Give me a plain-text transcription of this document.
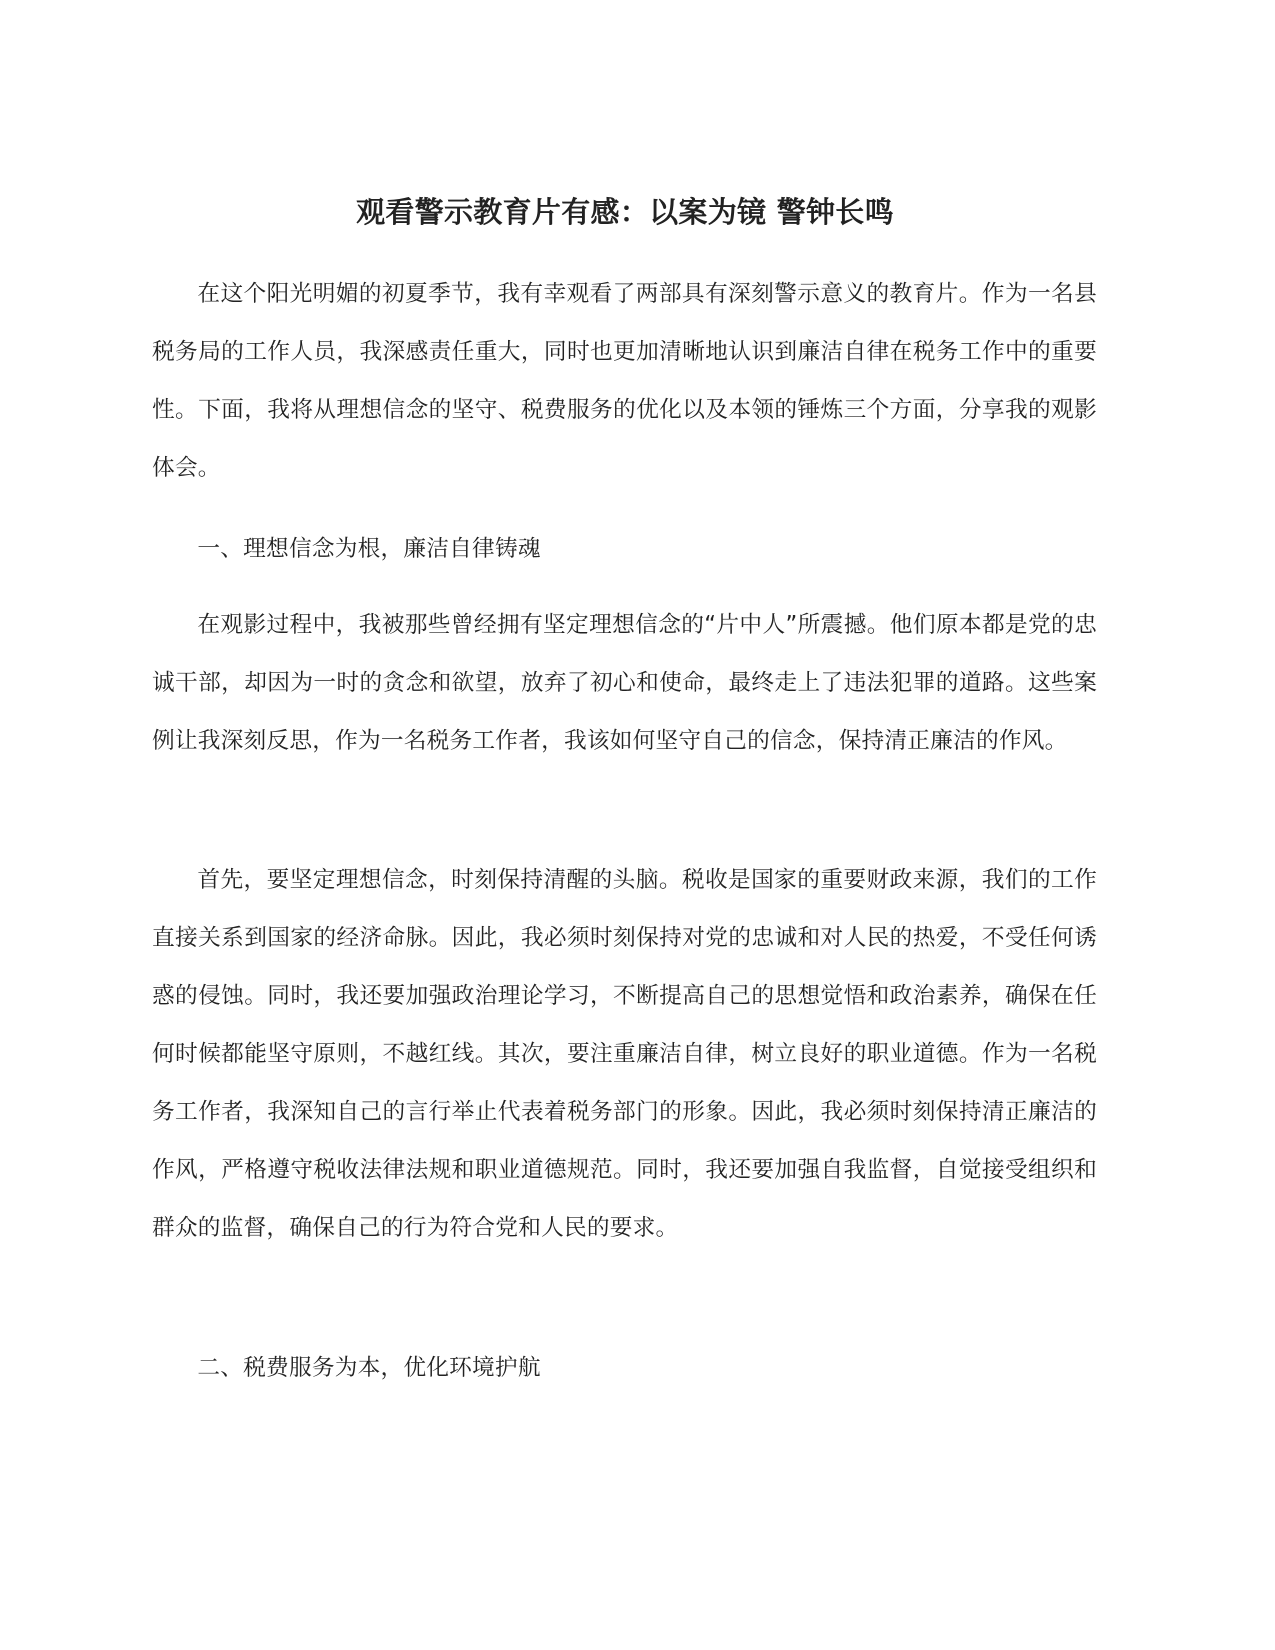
观看警示教育片有感：以案为镜 警钟长鸣

在这个阳光明媚的初夏季节，我有幸观看了两部具有深刻警示意义的教育片。作为一名县税务局的工作人员，我深感责任重大，同时也更加清晰地认识到廉洁自律在税务工作中的重要性。下面，我将从理想信念的坚守、税费服务的优化以及本领的锤炼三个方面，分享我的观影体会。

一、理想信念为根，廉洁自律铸魂

在观影过程中，我被那些曾经拥有坚定理想信念的“片中人”所震撼。他们原本都是党的忠诚干部，却因为一时的贪念和欲望，放弃了初心和使命，最终走上了违法犯罪的道路。这些案例让我深刻反思，作为一名税务工作者，我该如何坚守自己的信念，保持清正廉洁的作风。

首先，要坚定理想信念，时刻保持清醒的头脑。税收是国家的重要财政来源，我们的工作直接关系到国家的经济命脉。因此，我必须时刻保持对党的忠诚和对人民的热爱，不受任何诱惑的侵蚀。同时，我还要加强政治理论学习，不断提高自己的思想觉悟和政治素养，确保在任何时候都能坚守原则，不越红线。其次，要注重廉洁自律，树立良好的职业道德。作为一名税务工作者，我深知自己的言行举止代表着税务部门的形象。因此，我必须时刻保持清正廉洁的作风，严格遵守税收法律法规和职业道德规范。同时，我还要加强自我监督，自觉接受组织和群众的监督，确保自己的行为符合党和人民的要求。

二、税费服务为本，优化环境护航
